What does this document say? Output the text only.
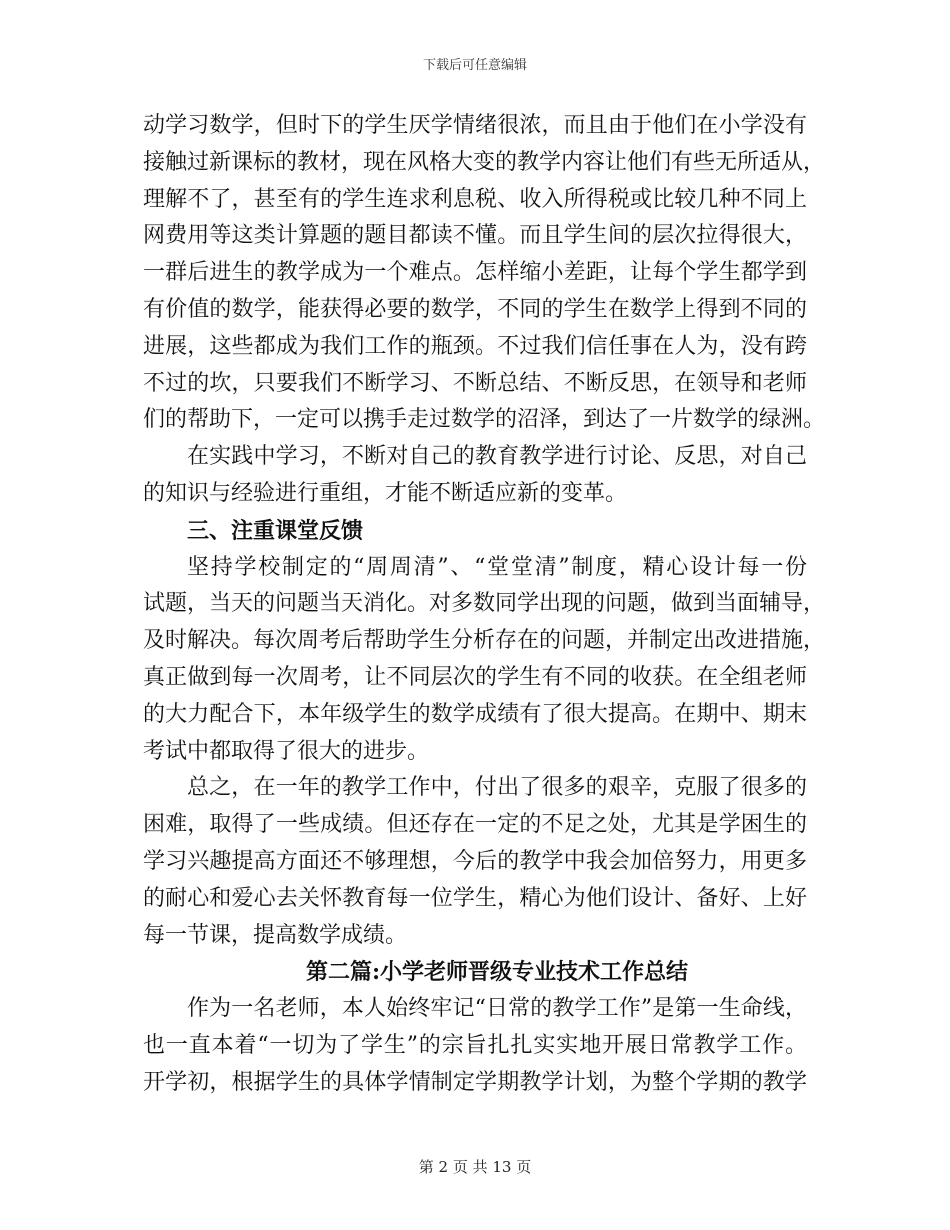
下载后可任意编辑
动学习数学，但时下的学生厌学情绪很浓，而且由于他们在小学没有
接触过新课标的教材，现在风格大变的教学内容让他们有些无所适从，
理解不了，甚至有的学生连求利息税、收入所得税或比较几种不同上
网费用等这类计算题的题目都读不懂。而且学生间的层次拉得很大，
一群后进生的教学成为一个难点。怎样缩小差距，让每个学生都学到
有价值的数学，能获得必要的数学，不同的学生在数学上得到不同的
进展，这些都成为我们工作的瓶颈。不过我们信任事在人为，没有跨
不过的坎，只要我们不断学习、不断总结、不断反思，在领导和老师
们的帮助下，一定可以携手走过数学的沼泽，到达了一片数学的绿洲。
在实践中学习，不断对自己的教育教学进行讨论、反思，对自己
的知识与经验进行重组，才能不断适应新的变革。
三、注重课堂反馈
坚持学校制定的“周周清”、“堂堂清”制度，精心设计每一份
试题，当天的问题当天消化。对多数同学出现的问题，做到当面辅导，
及时解决。每次周考后帮助学生分析存在的问题，并制定出改进措施，
真正做到每一次周考，让不同层次的学生有不同的收获。在全组老师
的大力配合下，本年级学生的数学成绩有了很大提高。在期中、期末
考试中都取得了很大的进步。
总之，在一年的教学工作中，付出了很多的艰辛，克服了很多的
困难，取得了一些成绩。但还存在一定的不足之处，尤其是学困生的
学习兴趣提高方面还不够理想，今后的教学中我会加倍努力，用更多
的耐心和爱心去关怀教育每一位学生，精心为他们设计、备好、上好
每一节课，提高数学成绩。
第二篇:小学老师晋级专业技术工作总结
作为一名老师，本人始终牢记“日常的教学工作”是第一生命线，
也一直本着“一切为了学生”的宗旨扎扎实实地开展日常教学工作。
开学初，根据学生的具体学情制定学期教学计划，为整个学期的教学
第 2 页 共 13 页
